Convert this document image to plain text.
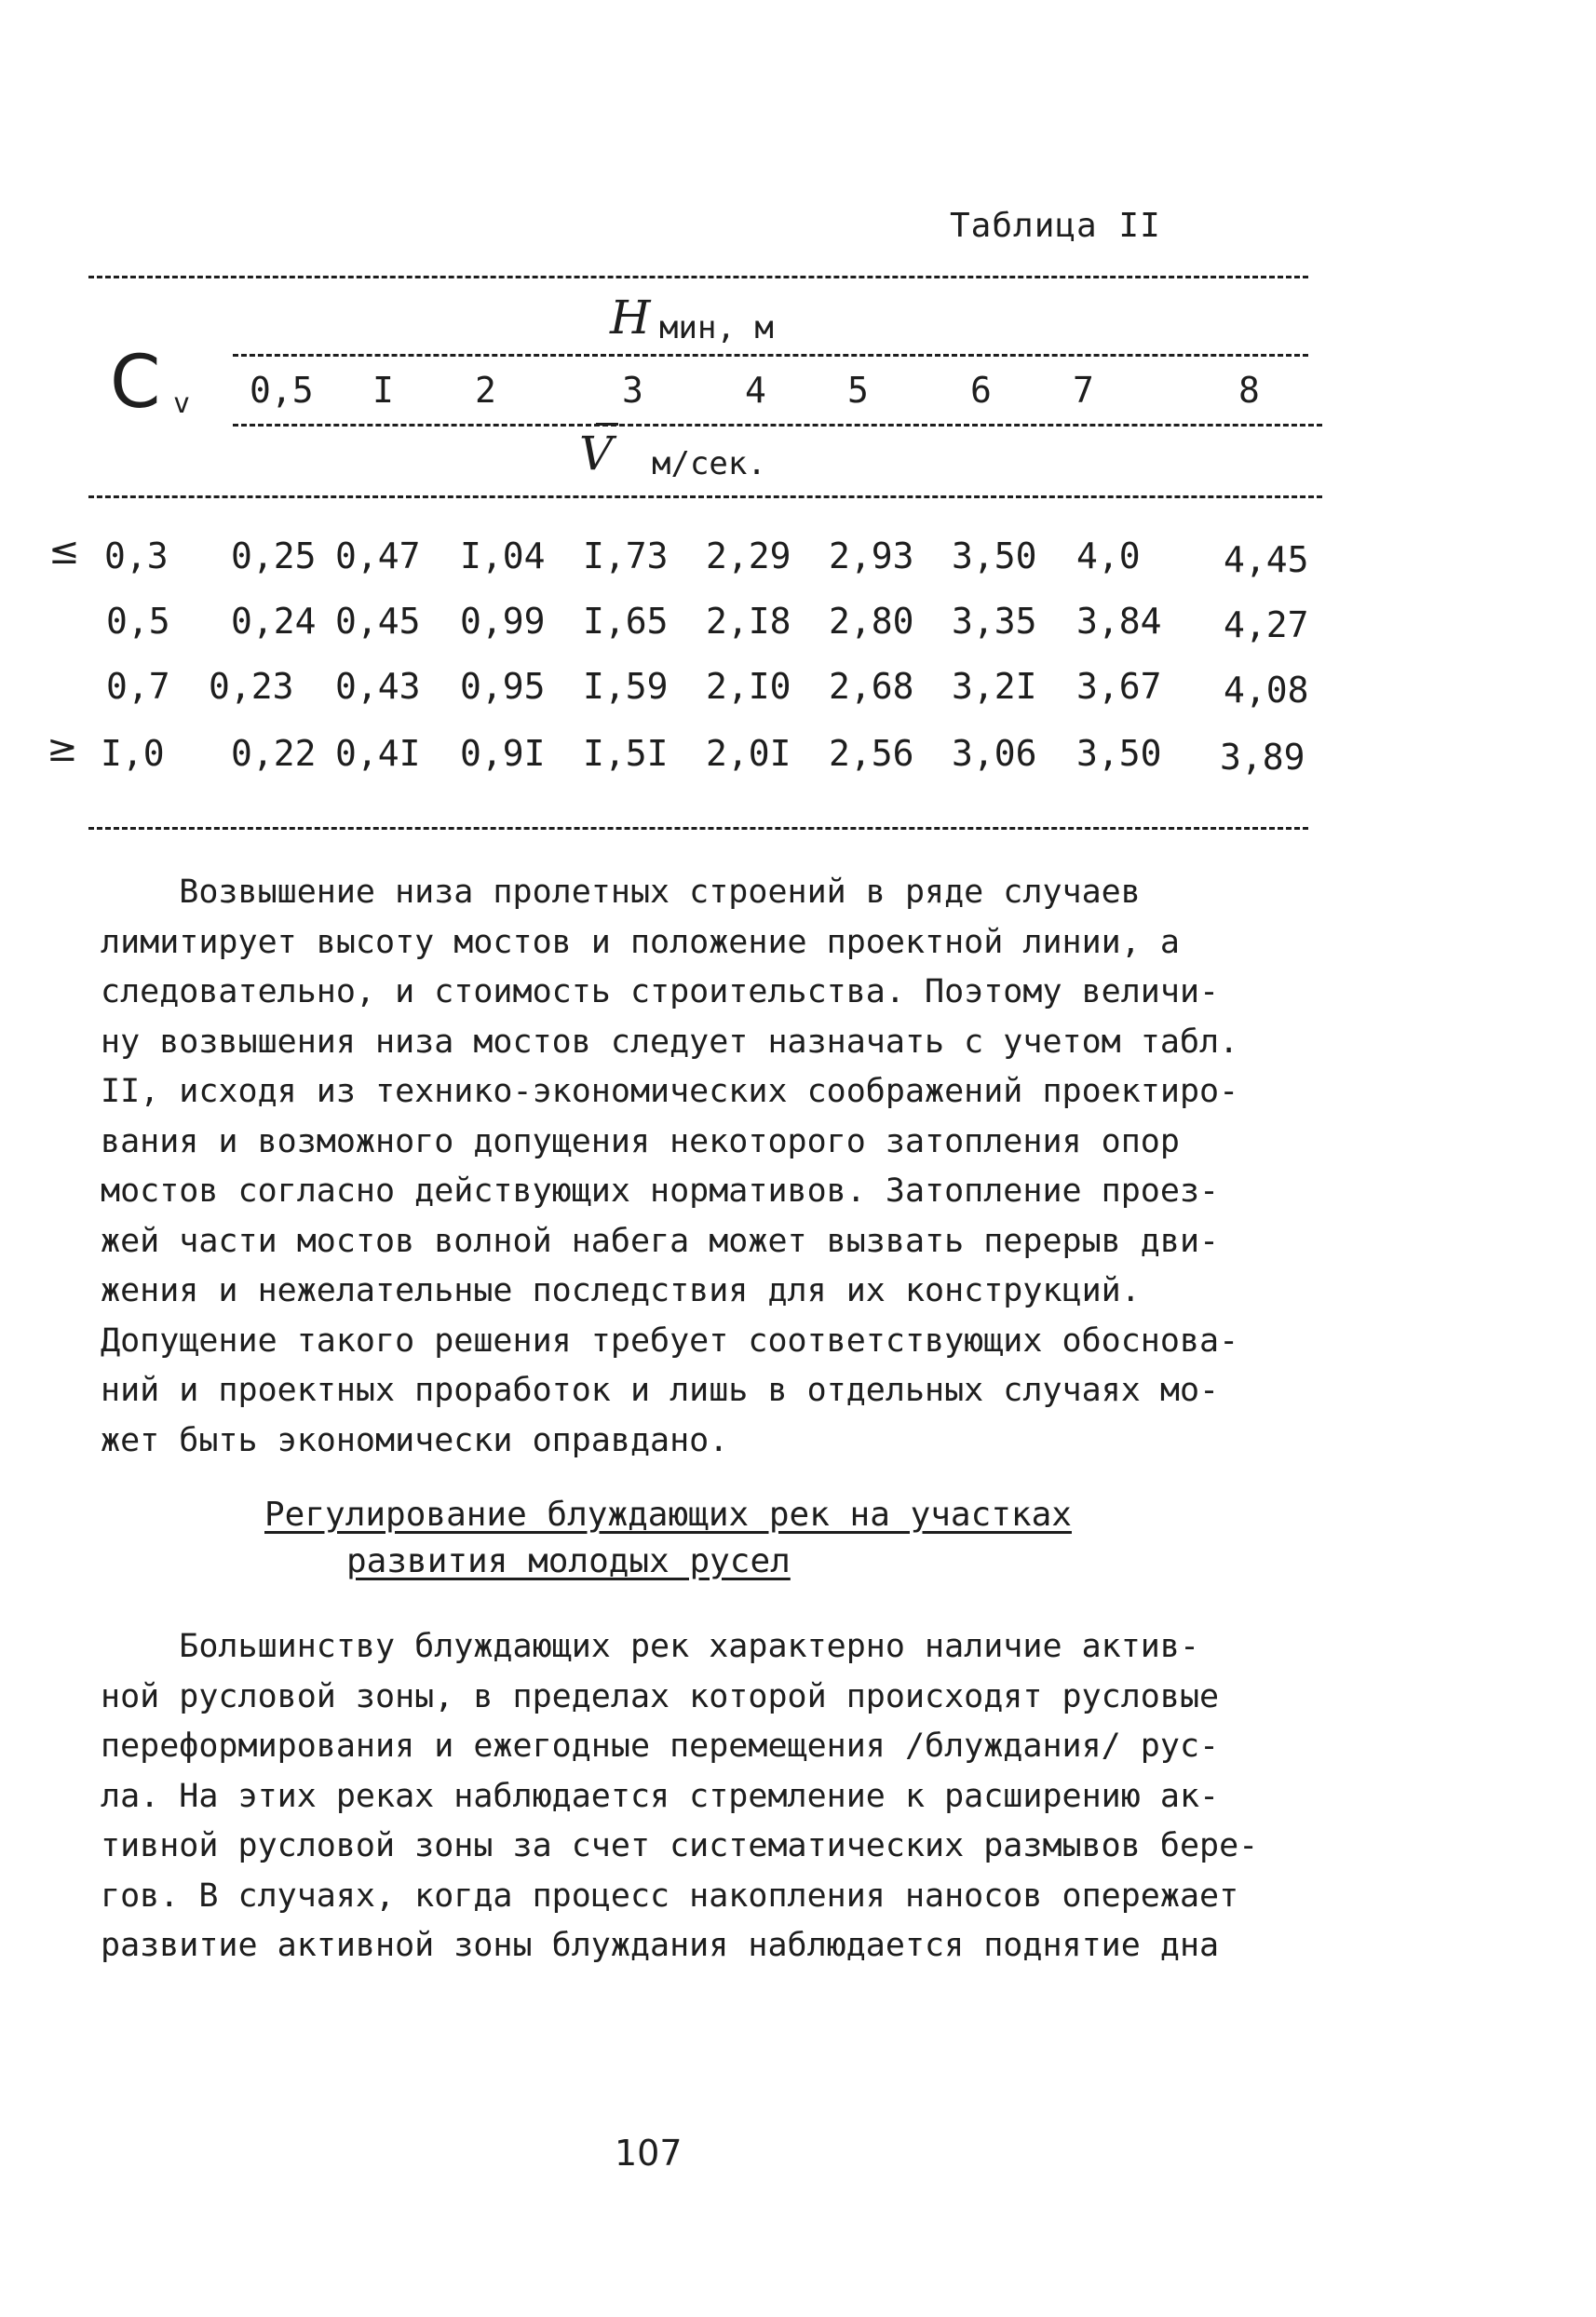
Таблица II
H мин, м
C v 0,5 I 2	3	4 5	6 7	8
V м/сек.
≤ 0,3 0,25 0,47 I,04 I,73 2,29 2,93 3,50 4,0 4,45
0,5 0,24 0,45 0,99 I,65 2,I8 2,80 3,35 3,84 4,27
0,7 0,23 0,43 0,95 I,59 2,I0 2,68 3,2I 3,67 4,08
≥ I,0 0,22 0,4I 0,9I I,5I 2,0I 2,56 3,06 3,50 3,89
Возвышение низа пролетных строений в ряде случаев
лимитирует высоту мостов и положение проектной линии, а
следовательно, и стоимость строительства. Поэтому величи-
ну возвышения низа мостов следует назначать с учетом табл.
II, исходя из технико-экономических соображений проектиро-
вания и возможного допущения некоторого затопления опор
мостов согласно действующих нормативов. Затопление проез-
жей части мостов волной набега может вызвать перерыв дви-
жения и нежелательные последствия для их конструкций.
Допущение такого решения требует соответствующих обоснова-
ний и проектных проработок и лишь в отдельных случаях мо-
жет быть экономически оправдано.
Регулирование блуждающих рек на участках
развития молодых русел
Большинству блуждающих рек характерно наличие актив-
ной русловой зоны, в пределах которой происходят русловые
переформирования и ежегодные перемещения /блуждания/ рус-
ла. На этих реках наблюдается стремление к расширению ак-
тивной русловой зоны за счет систематических размывов бере-
гов. В случаях, когда процесс накопления наносов опережает
развитие активной зоны блуждания наблюдается поднятие дна
107
